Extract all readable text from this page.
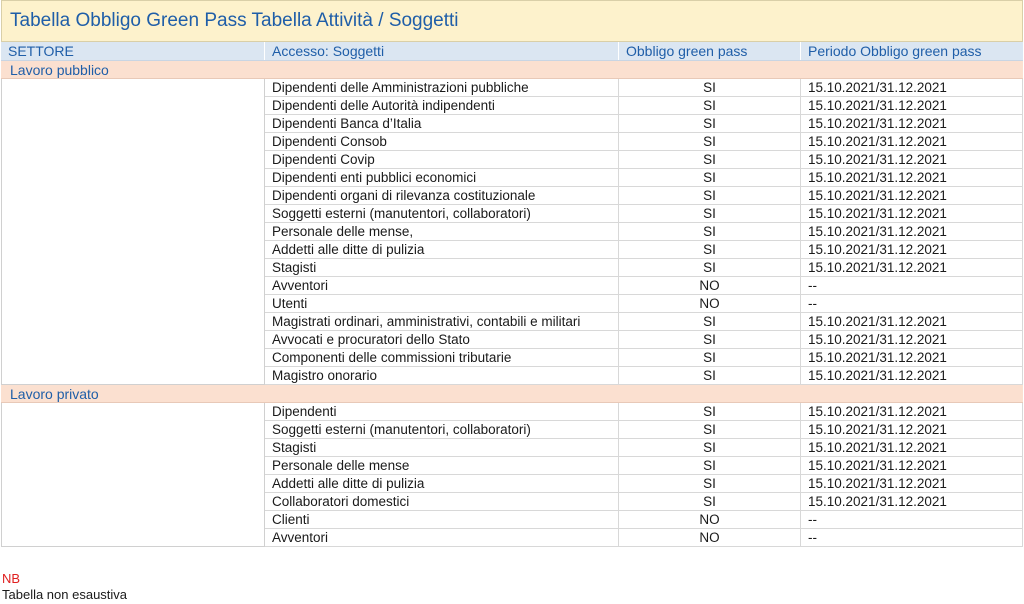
Tabella Obbligo Green Pass Tabella Attività / Soggetti
SETTORE	Accesso: Soggetti	Obbligo green pass	Periodo Obbligo green pass
Lavoro pubblico
Dipendenti delle Amministrazioni pubbliche	SI	15.10.2021/31.12.2021
Dipendenti delle Autorità indipendenti	SI	15.10.2021/31.12.2021
Dipendenti Banca d’Italia	SI	15.10.2021/31.12.2021
Dipendenti Consob	SI	15.10.2021/31.12.2021
Dipendenti Covip	SI	15.10.2021/31.12.2021
Dipendenti enti pubblici economici	SI	15.10.2021/31.12.2021
Dipendenti organi di rilevanza costituzionale	SI	15.10.2021/31.12.2021
Soggetti esterni (manutentori, collaboratori)	SI	15.10.2021/31.12.2021
Personale delle mense,	SI	15.10.2021/31.12.2021
Addetti alle ditte di pulizia	SI	15.10.2021/31.12.2021
Stagisti	SI	15.10.2021/31.12.2021
Avventori	NO	--
Utenti	NO	--
Magistrati ordinari, amministrativi, contabili e militari	SI	15.10.2021/31.12.2021
Avvocati e procuratori dello Stato	SI	15.10.2021/31.12.2021
Componenti delle commissioni tributarie	SI	15.10.2021/31.12.2021
Magistro onorario	SI	15.10.2021/31.12.2021
Lavoro privato
Dipendenti	SI	15.10.2021/31.12.2021
Soggetti esterni (manutentori, collaboratori)	SI	15.10.2021/31.12.2021
Stagisti	SI	15.10.2021/31.12.2021
Personale delle mense	SI	15.10.2021/31.12.2021
Addetti alle ditte di pulizia	SI	15.10.2021/31.12.2021
Collaboratori domestici	SI	15.10.2021/31.12.2021
Clienti	NO	--
Avventori	NO	--
NB
Tabella non esaustiva
